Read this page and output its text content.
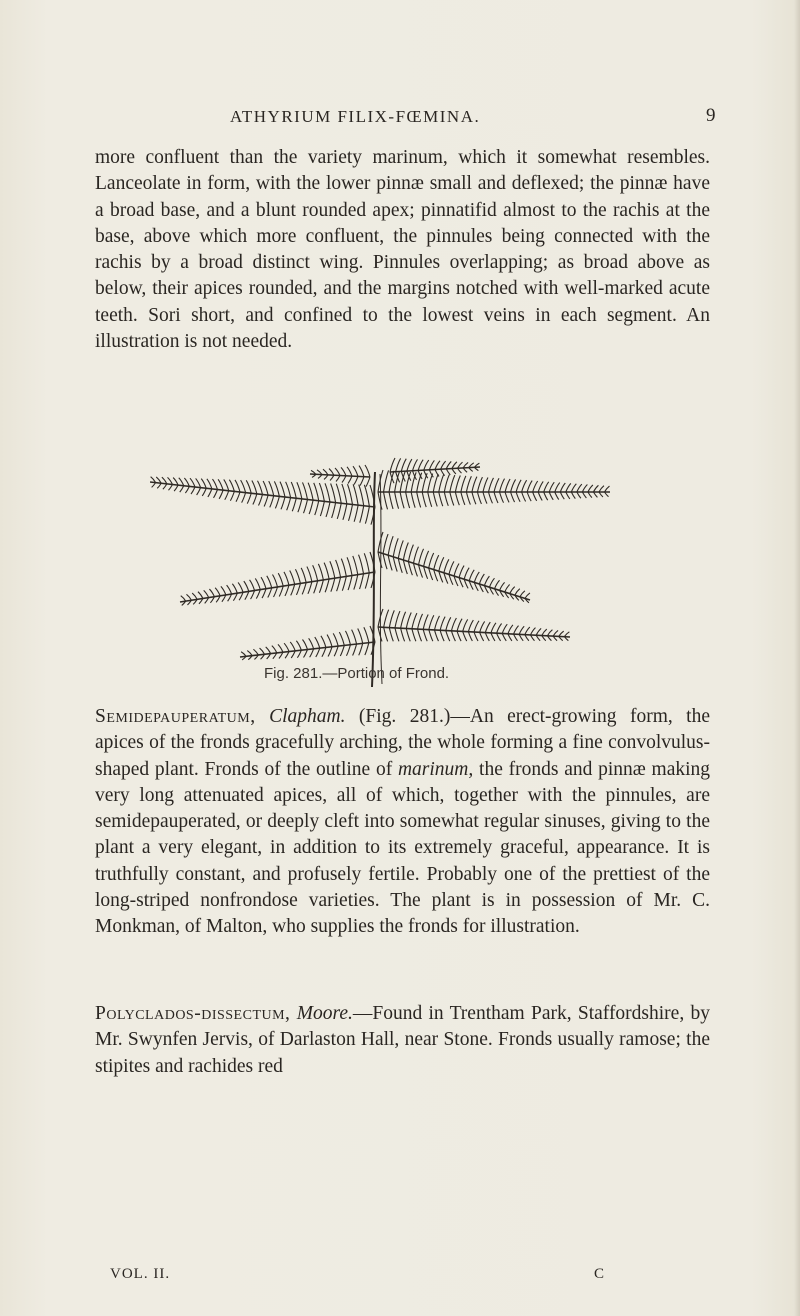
ATHYRIUM FILIX-FŒMINA.	9

more confluent than the variety marinum, which it somewhat resembles. Lanceolate in form, with the lower pinnæ small and deflexed; the pinnæ have a broad base, and a blunt rounded apex; pinnatifid almost to the rachis at the base, above which more confluent, the pinnules being connected with the rachis by a broad distinct wing. Pinnules overlapping; as broad above as below, their apices rounded, and the margins notched with well-marked acute teeth. Sori short, and confined to the lowest veins in each segment. An illustration is not needed.

Fig. 281.—Portion of Frond.

Semidepauperatum, Clapham. (Fig. 281.)—An erect-growing form, the apices of the fronds gracefully arching, the whole forming a fine convolvulus-shaped plant. Fronds of the outline of marinum, the fronds and pinnæ making very long attenuated apices, all of which, together with the pinnules, are semidepauperated, or deeply cleft into somewhat regular sinuses, giving to the plant a very elegant, in addition to its extremely graceful, appearance. It is truthfully constant, and profusely fertile. Probably one of the prettiest of the long-striped nonfrondose varieties. The plant is in possession of Mr. C. Monkman, of Malton, who supplies the fronds for illustration.

Polyclados-dissectum, Moore.—Found in Trentham Park, Staffordshire, by Mr. Swynfen Jervis, of Darlaston Hall, near Stone. Fronds usually ramose; the stipites and rachides red

VOL. II.	C
